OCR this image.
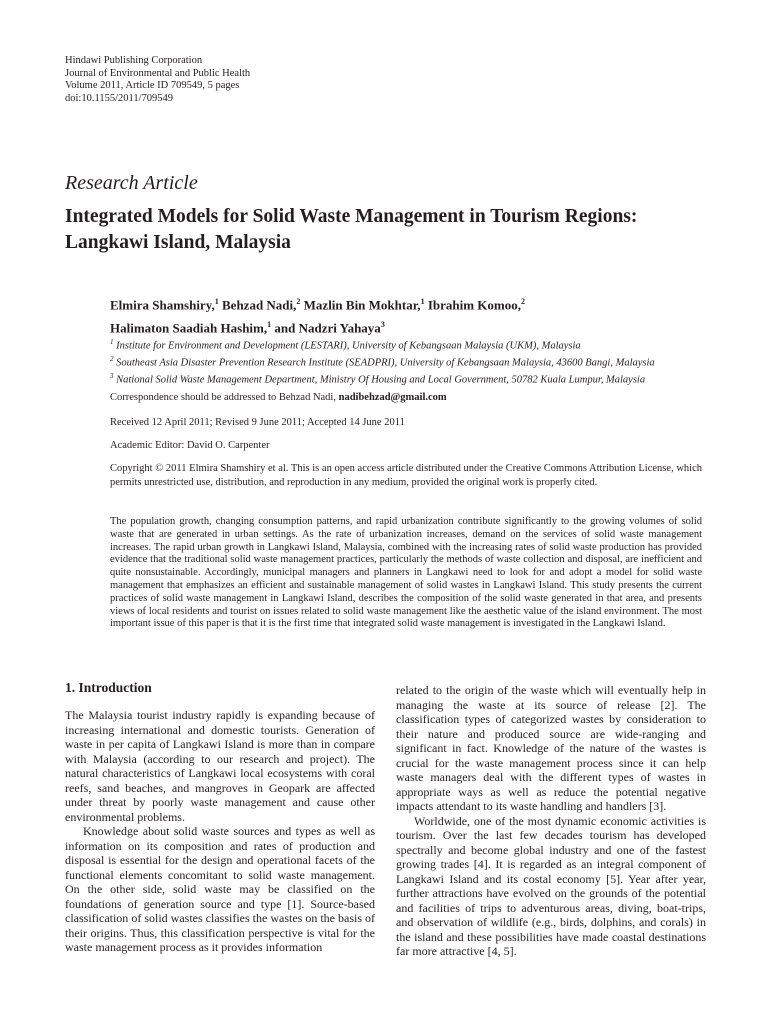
Hindawi Publishing Corporation
Journal of Environmental and Public Health
Volume 2011, Article ID 709549, 5 pages
doi:10.1155/2011/709549
Research Article
Integrated Models for Solid Waste Management in Tourism Regions: Langkawi Island, Malaysia
Elmira Shamshiry,$^1$ Behzad Nadi,$^2$ Mazlin Bin Mokhtar,$^1$ Ibrahim Komoo,$^2$
Halimaton Saadiah Hashim,$^1$ and Nadzri Yahaya$^3$
$^1$ Institute for Environment and Development (LESTARI), University of Kebangsaan Malaysia (UKM), Malaysia
$^2$ Southeast Asia Disaster Prevention Research Institute (SEADPRI), University of Kebangsaan Malaysia, 43600 Bangi, Malaysia
$^3$ National Solid Waste Management Department, Ministry Of Housing and Local Government, 50782 Kuala Lumpur, Malaysia
Correspondence should be addressed to Behzad Nadi, nadibehzad@gmail.com
Received 12 April 2011; Revised 9 June 2011; Accepted 14 June 2011
Academic Editor: David O. Carpenter
Copyright © 2011 Elmira Shamshiry et al. This is an open access article distributed under the Creative Commons Attribution License, which permits unrestricted use, distribution, and reproduction in any medium, provided the original work is properly cited.
The population growth, changing consumption patterns, and rapid urbanization contribute significantly to the growing volumes of solid waste that are generated in urban settings. As the rate of urbanization increases, demand on the services of solid waste management increases. The rapid urban growth in Langkawi Island, Malaysia, combined with the increasing rates of solid waste production has provided evidence that the traditional solid waste management practices, particularly the methods of waste collection and disposal, are inefficient and quite nonsustainable. Accordingly, municipal managers and planners in Langkawi need to look for and adopt a model for solid waste management that emphasizes an efficient and sustainable management of solid wastes in Langkawi Island. This study presents the current practices of solid waste management in Langkawi Island, describes the composition of the solid waste generated in that area, and presents views of local residents and tourist on issues related to solid waste management like the aesthetic value of the island environment. The most important issue of this paper is that it is the first time that integrated solid waste management is investigated in the Langkawi Island.
1. Introduction

The Malaysia tourist industry rapidly is expanding because of increasing international and domestic tourists. Generation of waste in per capita of Langkawi Island is more than in compare with Malaysia (according to our research and project). The natural characteristics of Langkawi local ecosystems with coral reefs, sand beaches, and mangroves in Geopark are affected under threat by poorly waste management and cause other environmental problems.

Knowledge about solid waste sources and types as well as information on its composition and rates of production and disposal is essential for the design and operational facets of the functional elements concomitant to solid waste management. On the other side, solid waste may be classified on the foundations of generation source and type [1]. Source-based classification of solid wastes classifies the wastes on the basis of their origins. Thus, this classification perspective is vital for the waste management process as it provides information

related to the origin of the waste which will eventually help in managing the waste at its source of release [2]. The classification types of categorized wastes by consideration to their nature and produced source are wide-ranging and significant in fact. Knowledge of the nature of the wastes is crucial for the waste management process since it can help waste managers deal with the different types of wastes in appropriate ways as well as reduce the potential negative impacts attendant to its waste handling and handlers [3].

Worldwide, one of the most dynamic economic activities is tourism. Over the last few decades tourism has developed spectrally and become global industry and one of the fastest growing trades [4]. It is regarded as an integral component of Langkawi Island and its costal economy [5]. Year after year, further attractions have evolved on the grounds of the potential and facilities of trips to adventurous areas, diving, boat-trips, and observation of wildlife (e.g., birds, dolphins, and corals) in the island and these possibilities have made coastal destinations far more attractive [4, 5].
